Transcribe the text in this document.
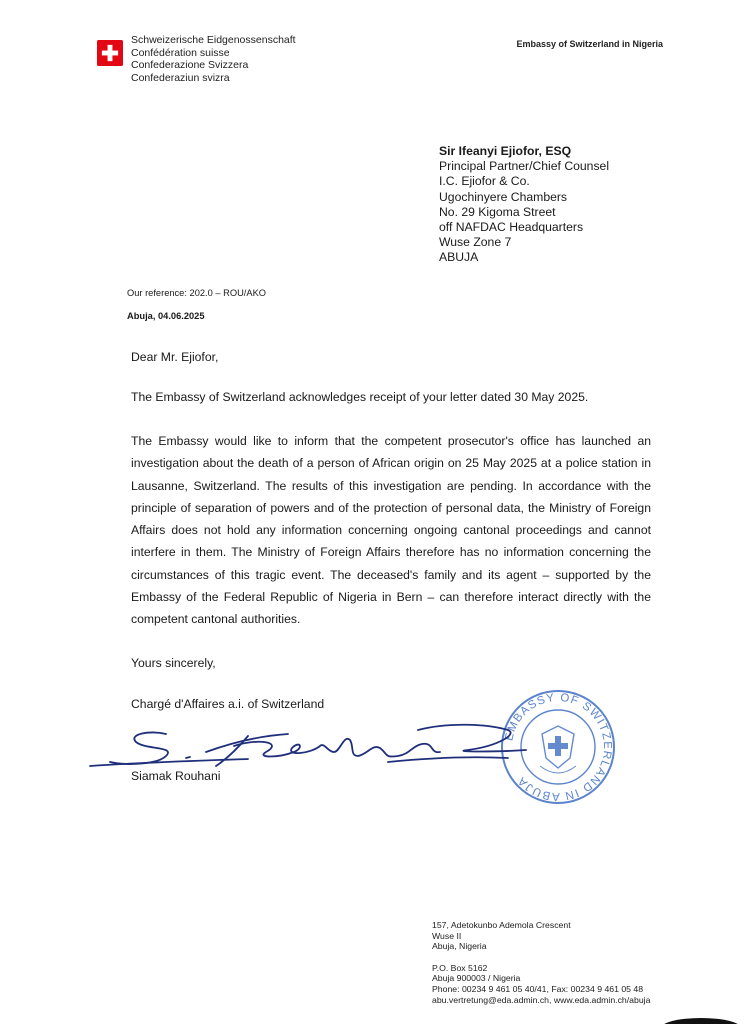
Schweizerische Eidgenossenschaft
Confédération suisse
Confederazione Svizzera
Confederaziun svizra
Embassy of Switzerland in Nigeria
Sir Ifeanyi Ejiofor, ESQ
Principal Partner/Chief Counsel
I.C. Ejiofor & Co.
Ugochinyere Chambers
No. 29 Kigoma Street
off NAFDAC Headquarters
Wuse Zone 7
ABUJA
Our reference: 202.0 – ROU/AKO
Abuja, 04.06.2025
Dear Mr. Ejiofor,
The Embassy of Switzerland acknowledges receipt of your letter dated 30 May 2025.
The Embassy would like to inform that the competent prosecutor's office has launched an investigation about the death of a person of African origin on 25 May 2025 at a police station in Lausanne, Switzerland. The results of this investigation are pending. In accordance with the principle of separation of powers and of the protection of personal data, the Ministry of Foreign Affairs does not hold any information concerning ongoing cantonal proceedings and cannot interfere in them. The Ministry of Foreign Affairs therefore has no information concerning the circumstances of this tragic event. The deceased's family and its agent – supported by the Embassy of the Federal Republic of Nigeria in Bern – can therefore interact directly with the competent cantonal authorities.
Yours sincerely,
Chargé d'Affaires a.i. of Switzerland
EMBASSY OF SWITZERLAND IN ABUJA
Siamak Rouhani
157, Adetokunbo Ademola Crescent
Wuse II
Abuja, Nigeria
P.O. Box 5162
Abuja 900003 / Nigeria
Phone: 00234 9 461 05 40/41, Fax: 00234 9 461 05 48
abu.vertretung@eda.admin.ch, www.eda.admin.ch/abuja
